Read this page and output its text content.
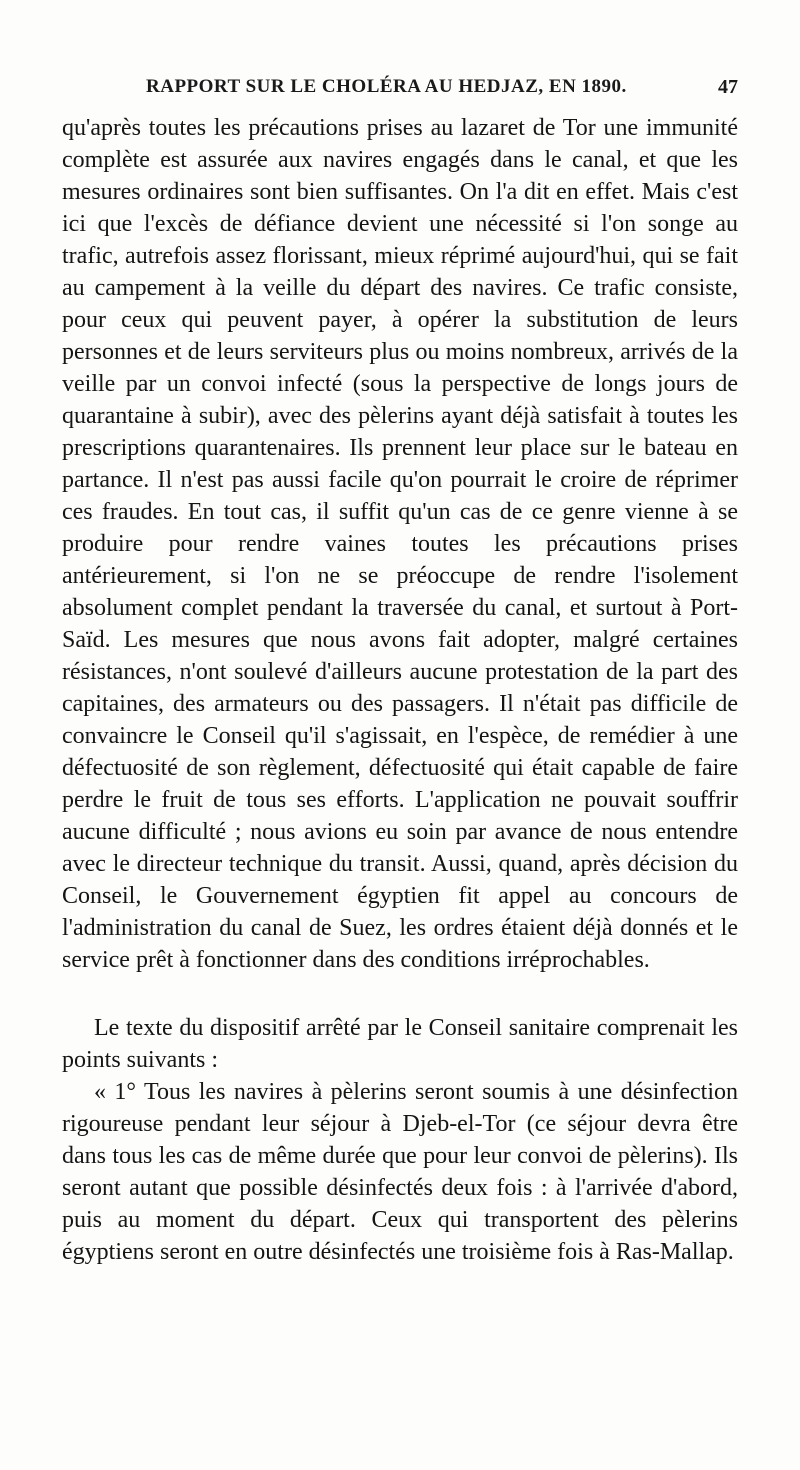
RAPPORT SUR LE CHOLÉRA AU HEDJAZ, EN 1890.	47

qu'après toutes les précautions prises au lazaret de Tor une immunité complète est assurée aux navires engagés dans le canal, et que les mesures ordinaires sont bien suffisantes. On l'a dit en effet. Mais c'est ici que l'excès de défiance devient une nécessité si l'on songe au trafic, autrefois assez florissant, mieux réprimé aujourd'hui, qui se fait au campement à la veille du départ des navires. Ce trafic consiste, pour ceux qui peuvent payer, à opérer la substitution de leurs personnes et de leurs serviteurs plus ou moins nombreux, arrivés de la veille par un convoi infecté (sous la perspective de longs jours de quarantaine à subir), avec des pèlerins ayant déjà satisfait à toutes les prescriptions quarantenaires. Ils prennent leur place sur le bateau en partance. Il n'est pas aussi facile qu'on pourrait le croire de réprimer ces fraudes. En tout cas, il suffit qu'un cas de ce genre vienne à se produire pour rendre vaines toutes les précautions prises antérieurement, si l'on ne se préoccupe de rendre l'isolement absolument complet pendant la traversée du canal, et surtout à Port-Saïd. Les mesures que nous avons fait adopter, malgré certaines résistances, n'ont soulevé d'ailleurs aucune protestation de la part des capitaines, des armateurs ou des passagers. Il n'était pas difficile de convaincre le Conseil qu'il s'agissait, en l'espèce, de remédier à une défectuosité de son règlement, défectuosité qui était capable de faire perdre le fruit de tous ses efforts. L'application ne pouvait souffrir aucune difficulté ; nous avions eu soin par avance de nous entendre avec le directeur technique du transit. Aussi, quand, après décision du Conseil, le Gouvernement égyptien fit appel au concours de l'administration du canal de Suez, les ordres étaient déjà donnés et le service prêt à fonctionner dans des conditions irréprochables.

Le texte du dispositif arrêté par le Conseil sanitaire comprenait les points suivants :

« 1° Tous les navires à pèlerins seront soumis à une désinfection rigoureuse pendant leur séjour à Djeb-el-Tor (ce séjour devra être dans tous les cas de même durée que pour leur convoi de pèlerins). Ils seront autant que possible désinfectés deux fois : à l'arrivée d'abord, puis au moment du départ. Ceux qui transportent des pèlerins égyptiens seront en outre désinfectés une troisième fois à Ras-Mallap.
